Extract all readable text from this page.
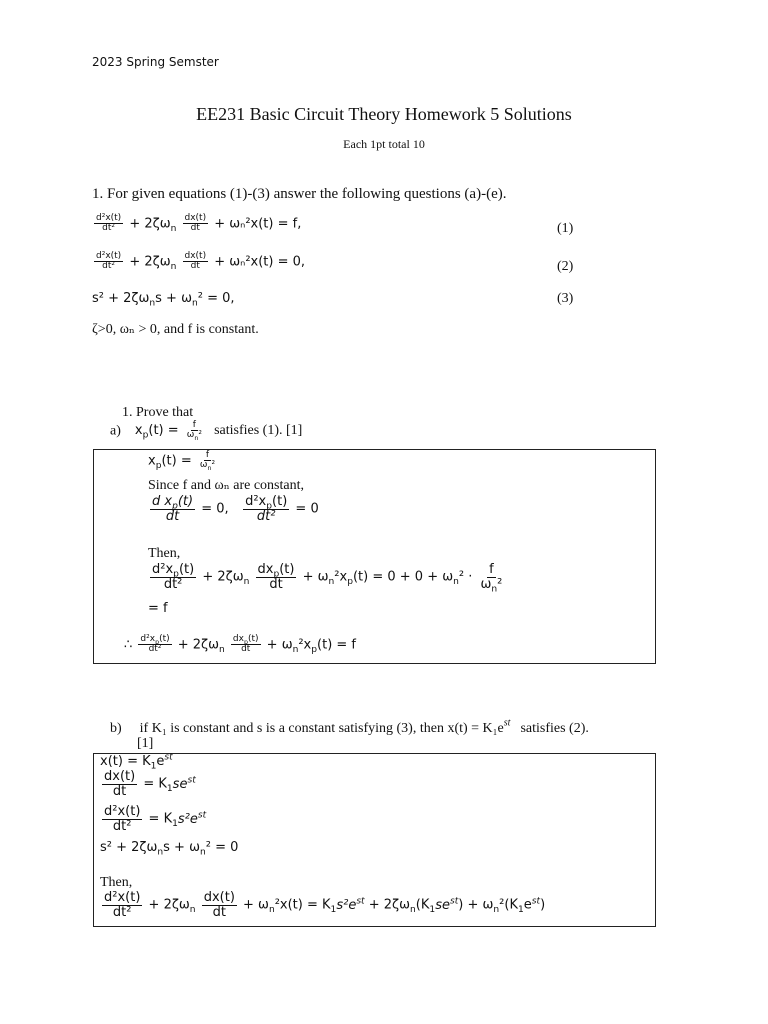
2023 Spring Semster
EE231 Basic Circuit Theory Homework 5 Solutions
Each 1pt total 10
1. For given equations (1)-(3) answer the following questions (a)-(e).
$\frac{\text{d²x(t)}}{\text{dt²}} + 2\zeta\omega_n \frac{dx(t)}{dt} + \omega_n^2x(t) = f$,	(1)
$\frac{\text{d²x(t)}}{\text{dt²}} + 2\zeta\omega_n \frac{dx(t)}{dt} + \omega_n^2x(t) = 0$,	(2)
$s^2 + 2\zeta\omega_ns + \omega_n^2 = 0$,	(3)
ζ>0, ωₙ > 0, and f is constant.
1. Prove that
a) $x_p(t) = \frac{f}{\omega_n^2}$ satisfies (1). [1]
$x_p(t) = \frac{f}{\omega_n^2}$
Since f and ωₙ are constant,
$\frac{d x_p(t)}{dt} = 0$, $\frac{d^2x_p(t)}{\text{dt²}} = 0$
Then,
$\frac{d^2x_p(t)}{\text{dt²}} + 2\zeta\omega_n \frac{dx_p(t)}{dt} + \omega_n^2x_p(t) = 0 + 0 + \omega_n^2 \cdot \frac{f}{\omega_n^2}$
= f
∴ $\frac{d^2x_p(t)}{\text{dt²}} + 2\zeta\omega_n \frac{dx_p(t)}{dt} + \omega_n^2x_p(t) = f$
b) if K₁ is constant and s is a constant satisfying (3), then $x(t) = K_1e^{st}$ satisfies (2).
[1]
$x(t) = K_1e^{st}$
$\frac{dx(t)}{dt} = K_1se^{st}$
$\frac{\text{d²x(t)}}{\text{dt²}} = K_1s^2e^{st}$
$s^2 + 2\zeta\omega_ns + \omega_n^2 = 0$
Then,
$\frac{\text{d²x(t)}}{\text{dt²}} + 2\zeta\omega_n \frac{dx(t)}{dt} + \omega_n^2x(t) = K_1s^2e^{st} + 2\zeta\omega_n(K_1se^{st}) + \omega_n^2(K_1e^{st})$
